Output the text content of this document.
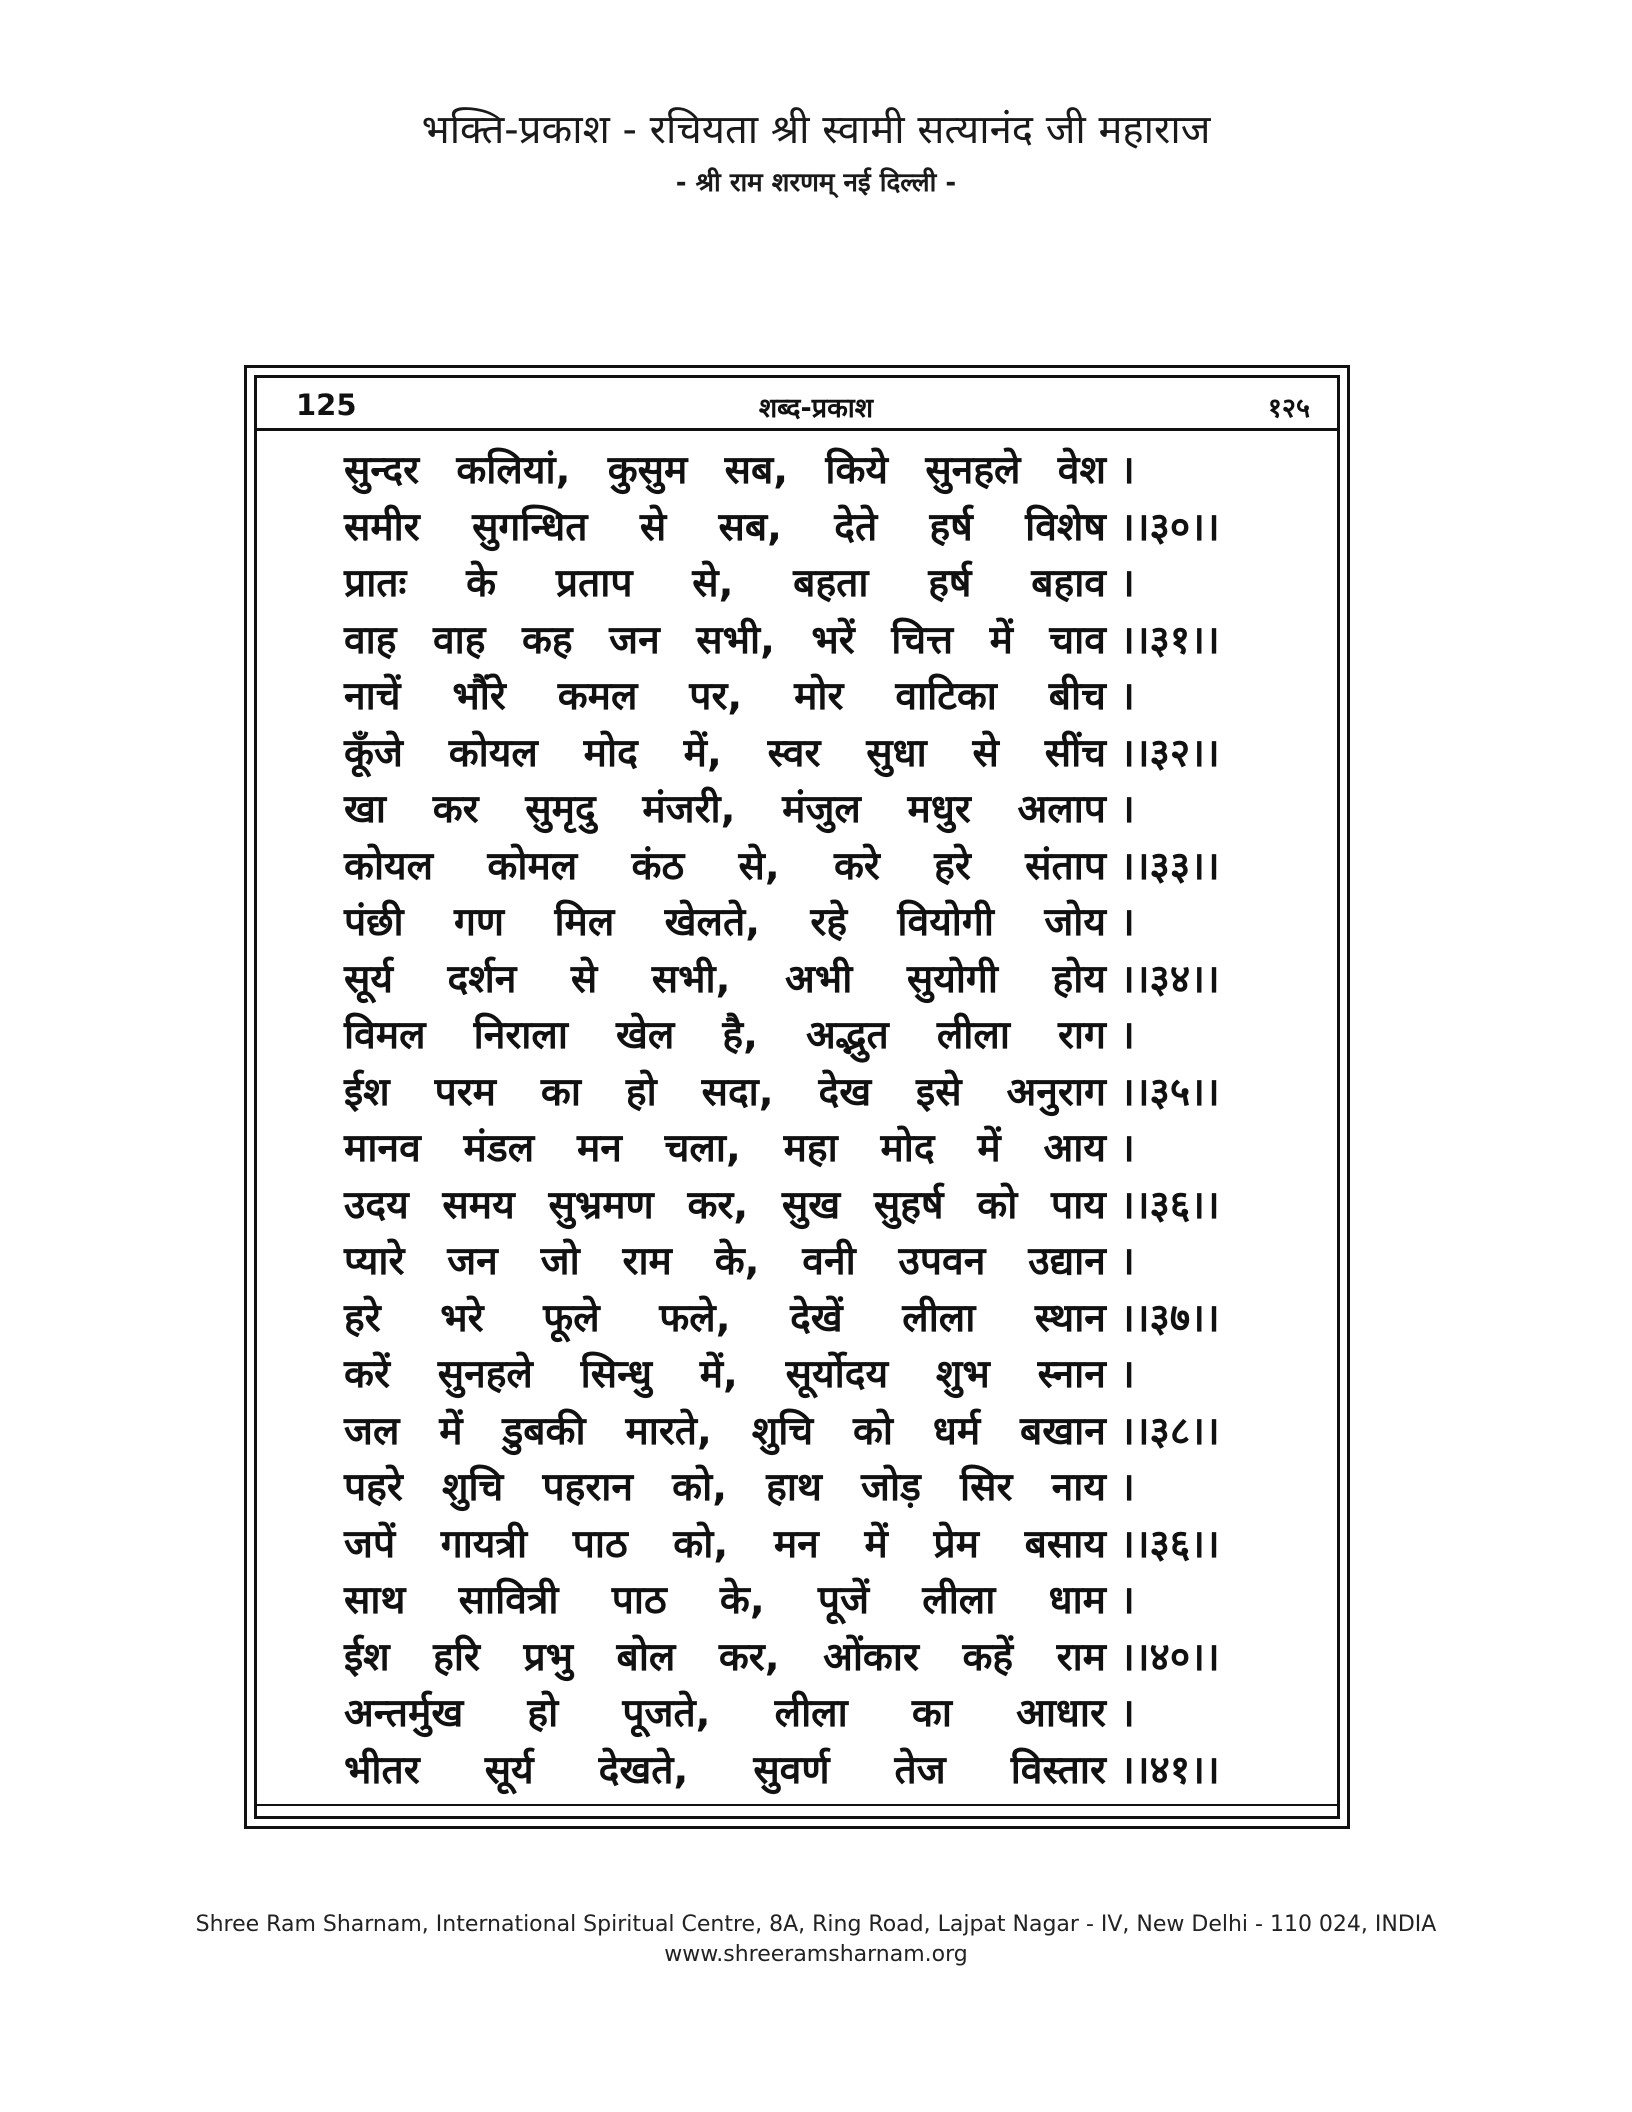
भक्ति-प्रकाश - रचियता श्री स्वामी सत्यानंद जी महाराज
- श्री राम शरणम् नई दिल्ली -
125	शब्द-प्रकाश	१२५
सुन्दर कलियां, कुसुम सब, किये सुनहले वेश ।
समीर सुगन्धित से सब, देते हर्ष विशेष ।।३०।।
प्रातः के प्रताप से, बहता हर्ष बहाव ।
वाह वाह कह जन सभी, भरें चित्त में चाव ।।३१।।
नाचें भौंरे कमल पर, मोर वाटिका बीच ।
कूँजे कोयल मोद में, स्वर सुधा से सींच ।।३२।।
खा कर सुमृदु मंजरी, मंजुल मधुर अलाप ।
कोयल कोमल कंठ से, करे हरे संताप ।।३३।।
पंछी गण मिल खेलते, रहे वियोगी जोय ।
सूर्य दर्शन से सभी, अभी सुयोगी होय ।।३४।।
विमल निराला खेल है, अद्भुत लीला राग ।
ईश परम का हो सदा, देख इसे अनुराग ।।३५।।
मानव मंडल मन चला, महा मोद में आय ।
उदय समय सुभ्रमण कर, सुख सुहर्ष को पाय ।।३६।।
प्यारे जन जो राम के, वनी उपवन उद्यान ।
हरे भरे फूले फले, देखें लीला स्थान ।।३७।।
करें सुनहले सिन्धु में, सूर्योदय शुभ स्नान ।
जल में डुबकी मारते, शुचि को धर्म बखान ।।३८।।
पहरे शुचि पहरान को, हाथ जोड़ सिर नाय ।
जपें गायत्री पाठ को, मन में प्रेम बसाय ।।३६।।
साथ सावित्री पाठ के, पूजें लीला धाम ।
ईश हरि प्रभु बोल कर, ओंकार कहें राम ।।४०।।
अन्तर्मुख हो पूजते, लीला का आधार ।
भीतर सूर्य देखते, सुवर्ण तेज विस्तार ।।४१।।
Shree Ram Sharnam, International Spiritual Centre, 8A, Ring Road, Lajpat Nagar - IV, New Delhi - 110 024, INDIA
www.shreeramsharnam.org
